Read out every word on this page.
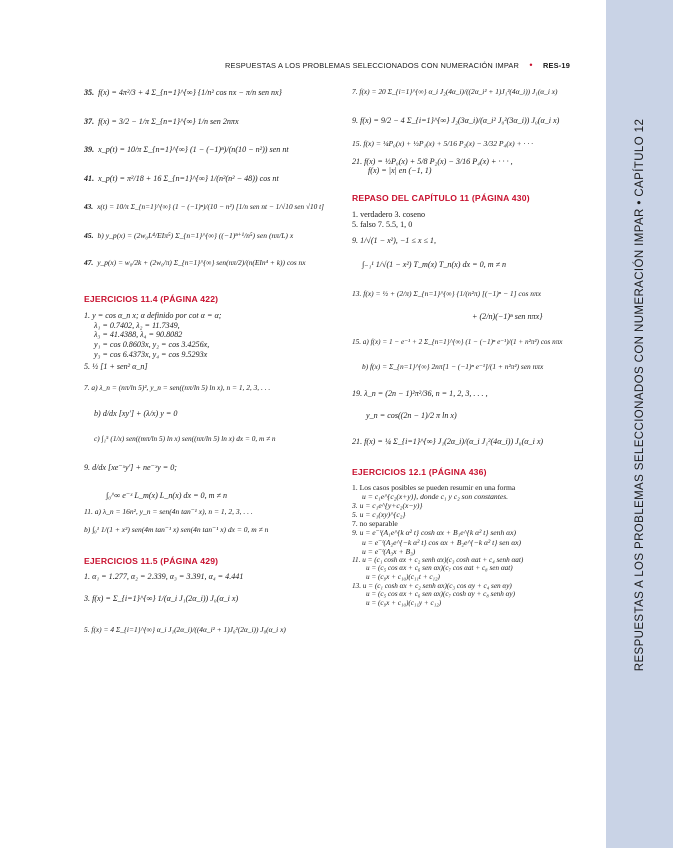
RESPUESTAS A LOS PROBLEMAS SELECCIONADOS CON NUMERACIÓN IMPAR • CAPÍTULO 12
RESPUESTAS A LOS PROBLEMAS SELECCIONADOS CON NUMERACIÓN IMPAR • RES-19

35. f(x) = 4π²/3 + 4 Σ_{n=1}^{∞} {1/n² cos nx − π/n sen nx}

37. f(x) = 3/2 − 1/π Σ_{n=1}^{∞} 1/n sen 2nπx

39. x_p(t) = 10/π Σ_{n=1}^{∞} (1 − (−1)ⁿ)/(n(10 − n²)) sen nt

41. x_p(t) = π²/18 + 16 Σ_{n=1}^{∞} 1/(n²(n² − 48)) cos nt

43. x(t) = 10/π Σ_{n=1}^{∞} (1 − (−1)ⁿ)/(10 − n²) [1/n sen nt − 1/√10 sen √10 t]

45. b) y_p(x) = (2w₀L⁴/EIπ⁵) Σ_{n=1}^{∞} ((−1)ⁿ⁺¹/n⁵) sen (nπ/L) x

47. y_p(x) = w₀/2k + (2w₀/π) Σ_{n=1}^{∞} sen(nπ/2)/(n(EIn⁴ + k)) cos nx

EJERCICIOS 11.4 (PÁGINA 422)

1. y = cos α_n x; α definido por cot α = α;
λ₁ = 0.7402, λ₂ = 11.7349,
λ₃ = 41.4388, λ₄ = 90.8082
y₁ = cos 0.8603x, y₂ = cos 3.4256x,
y₃ = cos 6.4373x, y₄ = cos 9.5293x
5. ½ [1 + sen² α_n]
7. a) λ_n = (nπ/ln 5)², y_n = sen((nπ/ln 5) ln x), n = 1, 2, 3, . . .
b) d/dx [xy′] + (λ/x) y = 0
c) ∫₁⁵ (1/x) sen((mπ/ln 5) ln x) sen((nπ/ln 5) ln x) dx = 0, m ≠ n
9. d/dx [xe⁻ˣy′] + ne⁻ˣy = 0;
∫₀^∞ e⁻ˣ L_m(x) L_n(x) dx = 0, m ≠ n
11. a) λ_n = 16n², y_n = sen(4n tan⁻¹ x), n = 1, 2, 3, . . .
b) ∫₀¹ 1/(1 + x²) sen(4m tan⁻¹ x) sen(4n tan⁻¹ x) dx = 0, m ≠ n

EJERCICIOS 11.5 (PÁGINA 429)

1. α₁ = 1.277, α₂ = 2.339, α₃ = 3.391, α₄ = 4.441
3. f(x) = Σ_{i=1}^{∞} 1/(α_i J₁(2α_i)) J₀(α_i x)
5. f(x) = 4 Σ_{i=1}^{∞} α_i J₁(2α_i)/((4α_i² + 1)J₀²(2α_i)) J₀(α_i x)
7. f(x) = 20 Σ_{i=1}^{∞} α_i J₂(4α_i)/((2α_i² + 1)J₁²(4α_i)) J₁(α_i x)
9. f(x) = 9/2 − 4 Σ_{i=1}^{∞} J₂(3α_i)/(α_i² J₀²(3α_i)) J₀(α_i x)
15. f(x) = ¼P₀(x) + ½P₁(x) + 5/16 P₂(x) − 3/32 P₄(x) + · · ·
21. f(x) = ½P₀(x) + 5/8 P₂(x) − 3/16 P₄(x) + · · · ,
f(x) = |x| en (−1, 1)

REPASO DEL CAPÍTULO 11 (PÁGINA 430)

1. verdadero 3. coseno
5. falso 7. 5.5, 1, 0
9. 1/√(1 − x²), −1 ≤ x ≤ 1,
∫₋₁¹ 1/√(1 − x²) T_m(x) T_n(x) dx = 0, m ≠ n
13. f(x) = ½ + (2/π) Σ_{n=1}^{∞} {1/(n²π) [(−1)ⁿ − 1] cos nπx
+ (2/n)(−1)ⁿ sen nπx}
15. a) f(x) = 1 − e⁻¹ + 2 Σ_{n=1}^{∞} (1 − (−1)ⁿ e⁻¹)/(1 + n²π²) cos nπx
b) f(x) = Σ_{n=1}^{∞} 2nπ[1 − (−1)ⁿ e⁻¹]/(1 + n²π²) sen nπx
19. λ_n = (2n − 1)²π²/36, n = 1, 2, 3, . . . ,
y_n = cos((2n − 1)/2 π ln x)
21. f(x) = ¼ Σ_{i=1}^{∞} J₁(2α_i)/(α_i J₁²(4α_i)) J₀(α_i x)

EJERCICIOS 12.1 (PÁGINA 436)

1. Los casos posibles se pueden resumir en una forma
u = c₁e^{c₂(x+y)}, donde c₁ y c₂ son constantes.
3. u = c₁e^{y+c₂(x−y)}
5. u = c₁(xy)^{c₂}
7. no separable
9. u = e⁻ᵗ(A₁e^{k α² t} cosh αx + B₁e^{k α² t} senh αx)
u = e⁻ᵗ(A₂e^{−k α² t} cos αx + B₂e^{−k α² t} sen αx)
u = e⁻ᵗ(A₃x + B₃)
11. u = (c₁ cosh αx + c₂ senh αx)(c₃ cosh αat + c₄ senh αat)
u = (c₅ cos αx + c₆ sen αx)(c₇ cos αat + c₈ sen αat)
u = (c₉x + c₁₀)(c₁₁t + c₁₂)
13. u = (c₁ cosh αx + c₂ senh αx)(c₃ cos αy + c₄ sen αy)
u = (c₅ cos αx + c₆ sen αx)(c₇ cosh αy + c₈ senh αy)
u = (c₉x + c₁₀)(c₁₁y + c₁₂)
